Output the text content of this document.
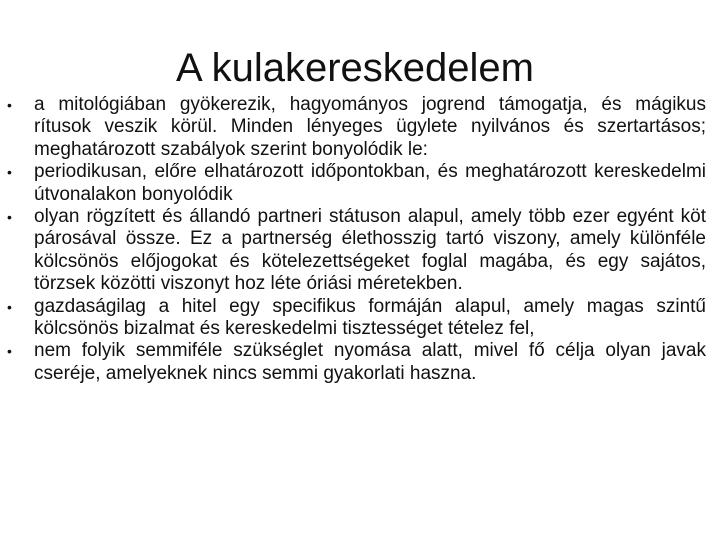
A kulakereskedelem
•	a mitológiában gyökerezik, hagyományos jogrend támogatja, és mágikus rítusok veszik körül. Minden lényeges ügylete nyilvános és szertartásos; meghatározott szabályok szerint bonyolódik le:
•	periodikusan, előre elhatározott időpontokban, és meghatározott kereskedelmi útvonalakon bonyolódik
•	olyan rögzített és állandó partneri státuson alapul, amely több ezer egyént köt párosával össze. Ez a partnerség élethosszig tartó viszony, amely különféle kölcsönös előjogokat és kötelezettségeket foglal magába, és egy sajátos, törzsek közötti viszonyt hoz léte óriási méretekben.
•	gazdaságilag a hitel egy specifikus formáján alapul, amely magas szintű kölcsönös bizalmat és kereskedelmi tisztességet tételez fel,
•	nem folyik semmiféle szükséglet nyomása alatt, mivel fő célja olyan javak cseréje, amelyeknek nincs semmi gyakorlati haszna.
